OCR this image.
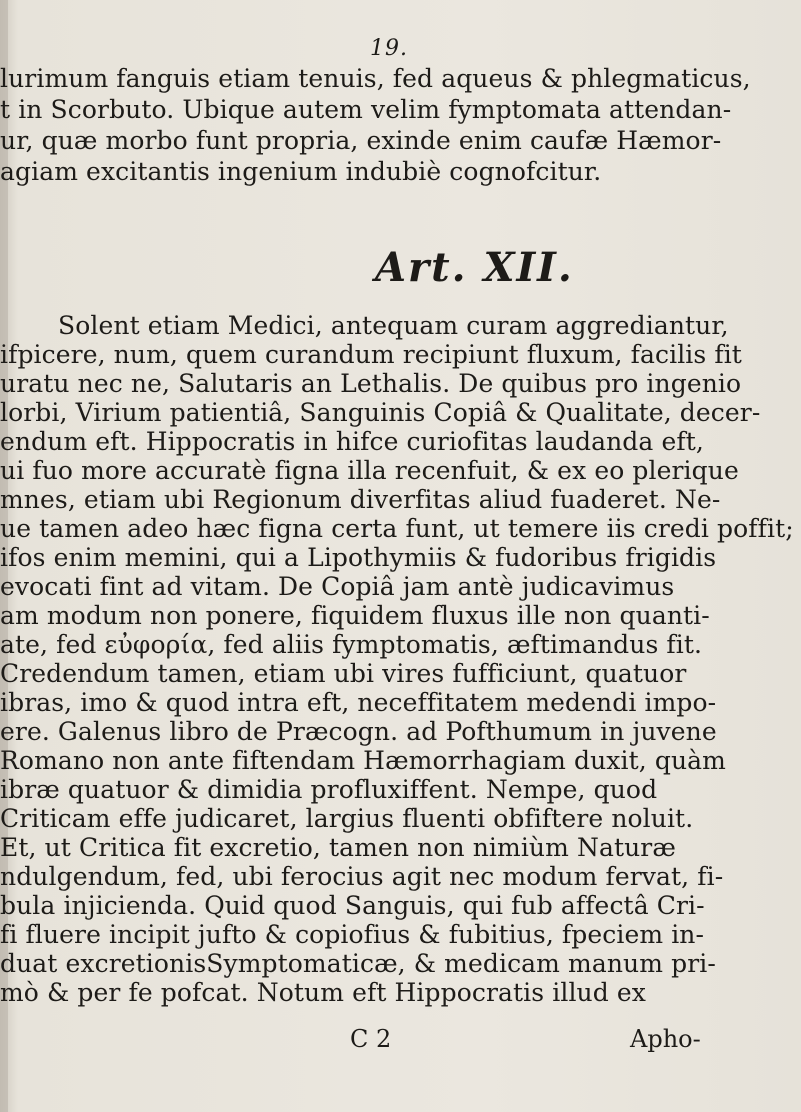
19.
lurimum fanguis etiam tenuis, fed aqueus & phlegmaticus,
t in Scorbuto. Ubique autem velim fymptomata attendan-
ur, quæ morbo funt propria, exinde enim caufæ Hæmor-
agiam excitantis ingenium indubiè cognofcitur.
Art. XII.
Solent etiam Medici, antequam curam aggrediantur,
ifpicere, num, quem curandum recipiunt fluxum, facilis fit
uratu nec ne, Salutaris an Lethalis. De quibus pro ingenio
lorbi, Virium patientiâ, Sanguinis Copiâ & Qualitate, decer-
endum eft. Hippocratis in hifce curiofitas laudanda eft,
ui fuo more accuratè figna illa recenfuit, & ex eo plerique
mnes, etiam ubi Regionum diverfitas aliud fuaderet. Ne-
ue tamen adeo hæc figna certa funt, ut temere iis credi poffit;
ifos enim memini, qui a Lipothymiis & fudoribus frigidis
evocati fint ad vitam. De Copiâ jam antè judicavimus
am modum non ponere, fiquidem fluxus ille non quanti-
ate, fed εὐφορία, fed aliis fymptomatis, æftimandus fit.
Credendum tamen, etiam ubi vires fufficiunt, quatuor
ibras, imo & quod intra eft, neceffitatem medendi impo-
ere. Galenus libro de Præcogn. ad Pofthumum in juvene
Romano non ante fiftendam Hæmorrhagiam duxit, quàm
ibræ quatuor & dimidia profluxiffent. Nempe, quod
Criticam effe judicaret, largius fluenti obfiftere noluit.
Et, ut Critica fit excretio, tamen non nimiùm Naturæ
ndulgendum, fed, ubi ferocius agit nec modum fervat, fi-
bula injicienda. Quid quod Sanguis, qui fub affectâ Cri-
fi fluere incipit jufto & copiofius & fubitius, fpeciem in-
duat excretionisSymptomaticæ, & medicam manum pri-
mò & per fe pofcat. Notum eft Hippocratis illud ex
C 2	Apho-
